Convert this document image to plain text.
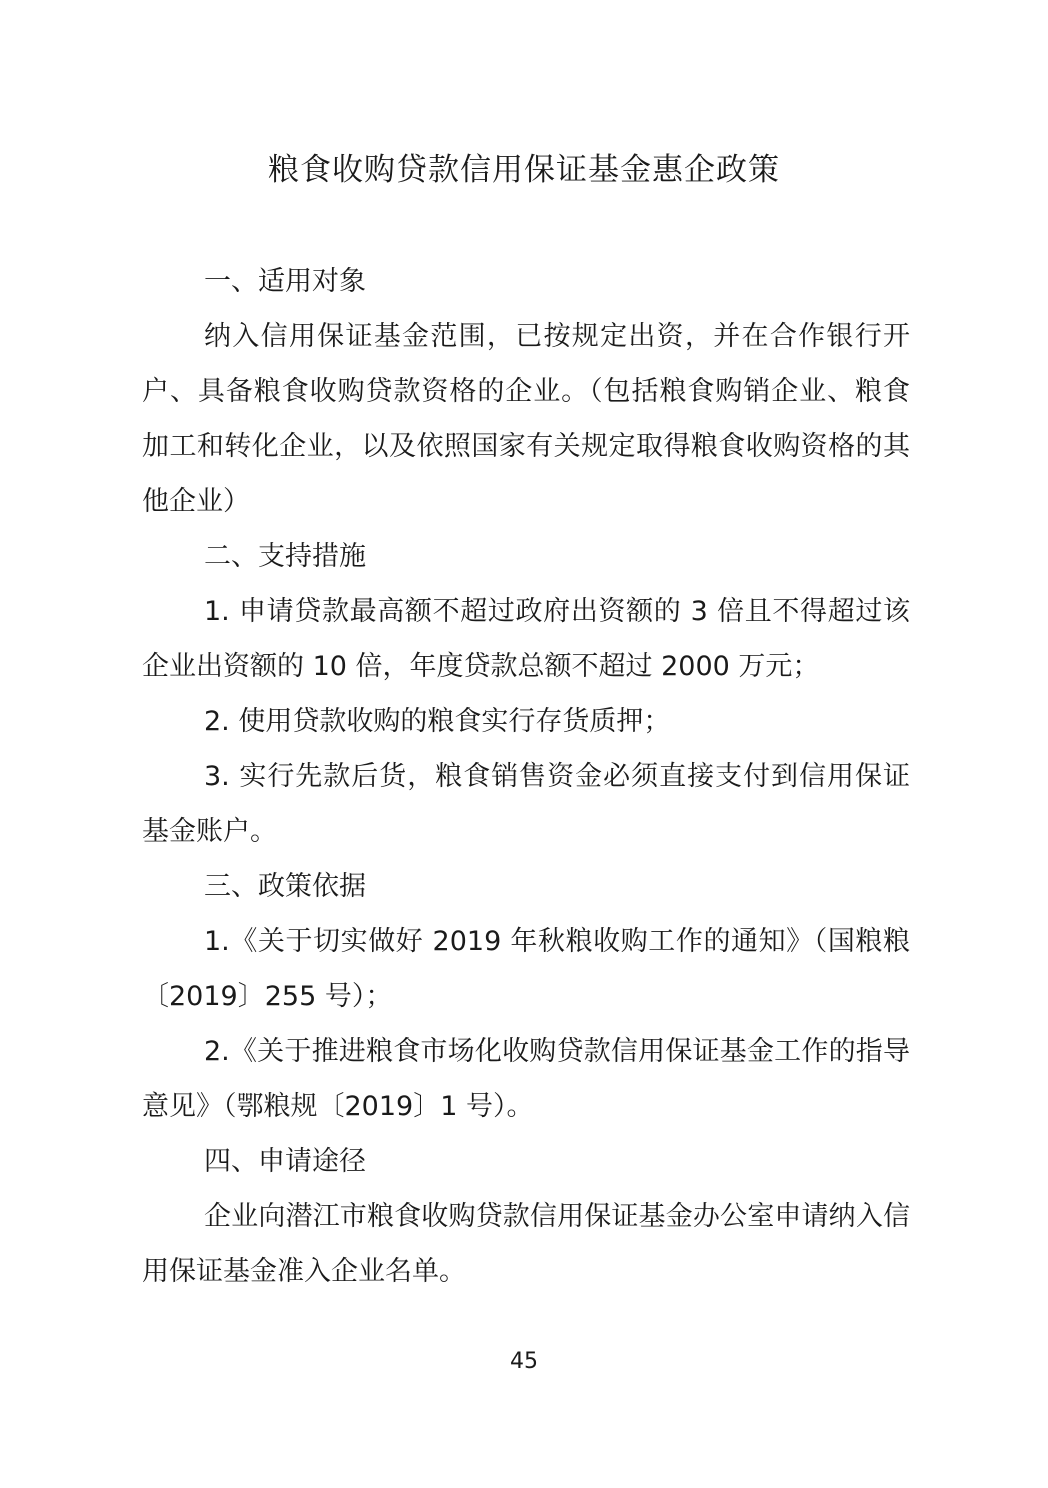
粮食收购贷款信用保证基金惠企政策

一、适用对象

纳入信用保证基金范围，已按规定出资，并在合作银行开户、具备粮食收购贷款资格的企业。（包括粮食购销企业、粮食加工和转化企业，以及依照国家有关规定取得粮食收购资格的其他企业）

二、支持措施

1. 申请贷款最高额不超过政府出资额的 3 倍且不得超过该企业出资额的 10 倍，年度贷款总额不超过 2000 万元；

2. 使用贷款收购的粮食实行存货质押；

3. 实行先款后货，粮食销售资金必须直接支付到信用保证基金账户。

三、政策依据

1.《关于切实做好 2019 年秋粮收购工作的通知》（国粮粮〔2019〕255 号）；

2.《关于推进粮食市场化收购贷款信用保证基金工作的指导意见》（鄂粮规〔2019〕1 号）。

四、申请途径

企业向潜江市粮食收购贷款信用保证基金办公室申请纳入信用保证基金准入企业名单。

45
